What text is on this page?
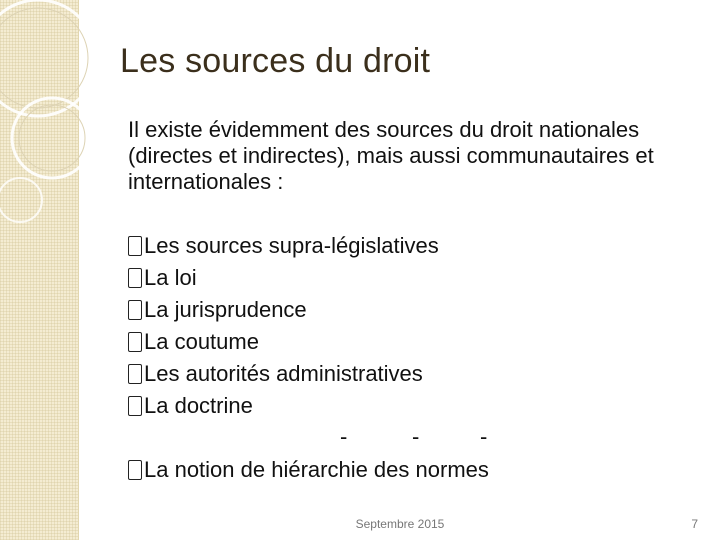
Les sources du droit

Il existe évidemment des sources du droit nationales (directes et indirectes), mais aussi communautaires et internationales :

Les sources supra-législatives
La loi
La jurisprudence
La coutume
Les autorités administratives
La doctrine
-	-	-
La notion de hiérarchie des normes
Septembre 2015	7
